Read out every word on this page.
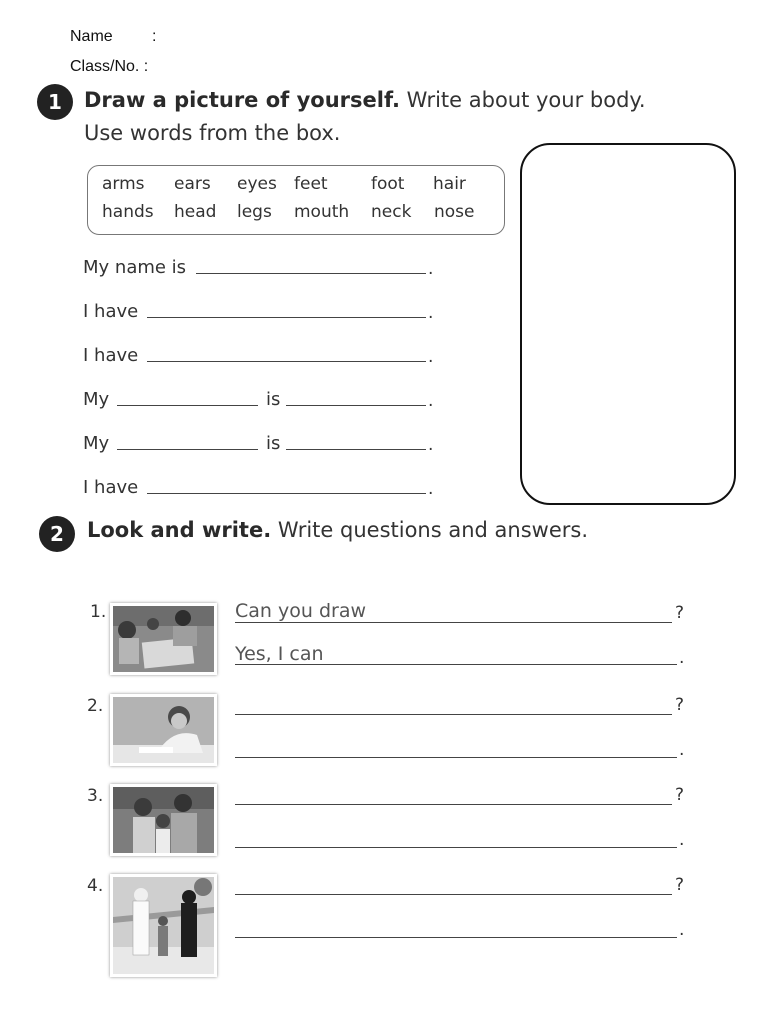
Name :
Class/No. :
1	Draw a picture of yourself. Write about your body.
Use words from the box.
arms ears eyes feet	foot hair
hands head legs mouth neck nose
My name is	.
I have	.
I have	.
My	is	.
My	is	.
I have	.
2	Look and write. Write questions and answers.
1.	Can you draw	?
Yes, I can	.
2.	?
.
3.	?
.
4.	?
.
